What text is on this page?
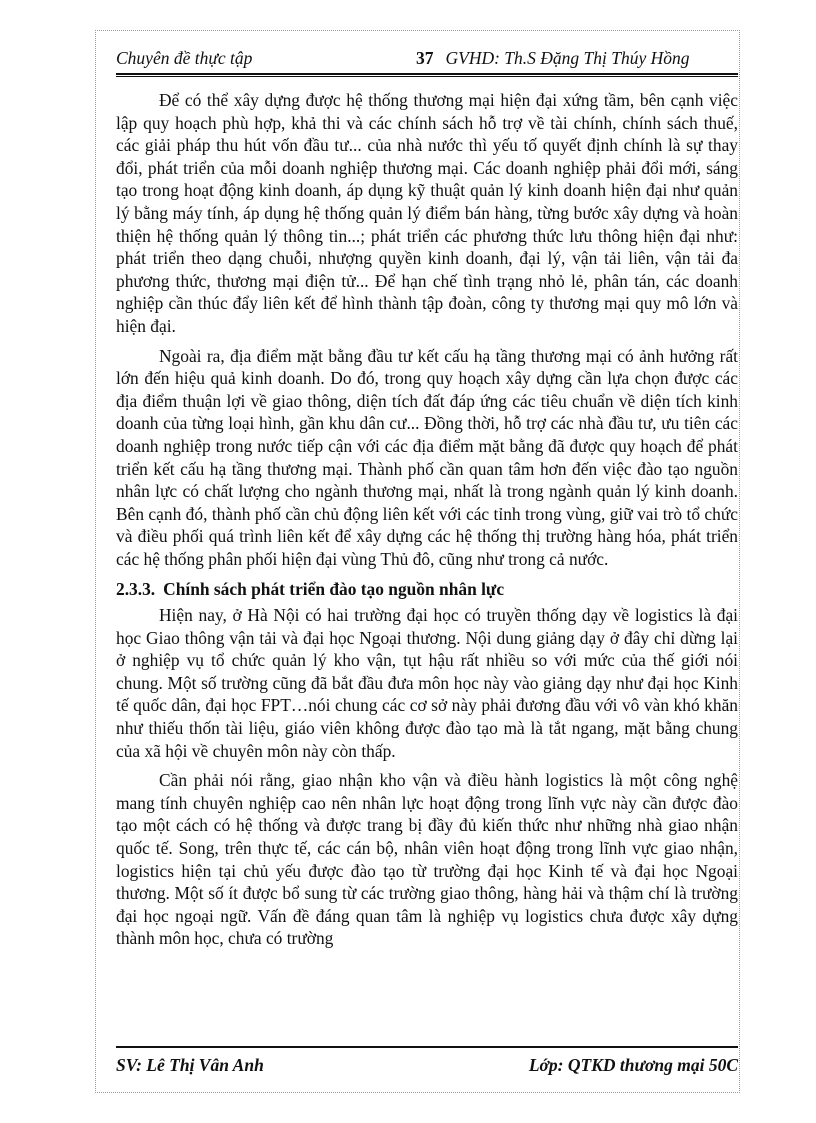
Chuyên đề thực tập	37 GVHD: Th.S Đặng Thị Thúy Hồng

Để có thể xây dựng được hệ thống thương mại hiện đại xứng tầm, bên cạnh việc lập quy hoạch phù hợp, khả thi và các chính sách hỗ trợ về tài chính, chính sách thuế, các giải pháp thu hút vốn đầu tư... của nhà nước thì yếu tố quyết định chính là sự thay đổi, phát triển của mỗi doanh nghiệp thương mại. Các doanh nghiệp phải đổi mới, sáng tạo trong hoạt động kinh doanh, áp dụng kỹ thuật quản lý kinh doanh hiện đại như quản lý bằng máy tính, áp dụng hệ thống quản lý điểm bán hàng, từng bước xây dựng và hoàn thiện hệ thống quản lý thông tin...; phát triển các phương thức lưu thông hiện đại như: phát triển theo dạng chuỗi, nhượng quyền kinh doanh, đại lý, vận tải liên, vận tải đa phương thức, thương mại điện tử... Để hạn chế tình trạng nhỏ lẻ, phân tán, các doanh nghiệp cần thúc đẩy liên kết để hình thành tập đoàn, công ty thương mại quy mô lớn và hiện đại.

Ngoài ra, địa điểm mặt bằng đầu tư kết cấu hạ tầng thương mại có ảnh hưởng rất lớn đến hiệu quả kinh doanh. Do đó, trong quy hoạch xây dựng cần lựa chọn được các địa điểm thuận lợi về giao thông, diện tích đất đáp ứng các tiêu chuẩn về diện tích kinh doanh của từng loại hình, gần khu dân cư... Đồng thời, hỗ trợ các nhà đầu tư, ưu tiên các doanh nghiệp trong nước tiếp cận với các địa điểm mặt bằng đã được quy hoạch để phát triển kết cấu hạ tầng thương mại. Thành phố cần quan tâm hơn đến việc đào tạo nguồn nhân lực có chất lượng cho ngành thương mại, nhất là trong ngành quản lý kinh doanh. Bên cạnh đó, thành phố cần chủ động liên kết với các tỉnh trong vùng, giữ vai trò tổ chức và điều phối quá trình liên kết để xây dựng các hệ thống thị trường hàng hóa, phát triển các hệ thống phân phối hiện đại vùng Thủ đô, cũng như trong cả nước.

2.3.3. Chính sách phát triển đào tạo nguồn nhân lực

Hiện nay, ở Hà Nội có hai trường đại học có truyền thống dạy về logistics là đại học Giao thông vận tải và đại học Ngoại thương. Nội dung giảng dạy ở đây chỉ dừng lại ở nghiệp vụ tổ chức quản lý kho vận, tụt hậu rất nhiều so với mức của thế giới nói chung. Một số trường cũng đã bắt đầu đưa môn học này vào giảng dạy như đại học Kinh tế quốc dân, đại học FPT…nói chung các cơ sở này phải đương đầu với vô vàn khó khăn như thiếu thốn tài liệu, giáo viên không được đào tạo mà là tắt ngang, mặt bằng chung của xã hội về chuyên môn này còn thấp.

Cần phải nói rằng, giao nhận kho vận và điều hành logistics là một công nghệ mang tính chuyên nghiệp cao nên nhân lực hoạt động trong lĩnh vực này cần được đào tạo một cách có hệ thống và được trang bị đầy đủ kiến thức như những nhà giao nhận quốc tế. Song, trên thực tế, các cán bộ, nhân viên hoạt động trong lĩnh vực giao nhận, logistics hiện tại chủ yếu được đào tạo từ trường đại học Kinh tế và đại học Ngoại thương. Một số ít được bổ sung từ các trường giao thông, hàng hải và thậm chí là trường đại học ngoại ngữ. Vấn đề đáng quan tâm là nghiệp vụ logistics chưa được xây dựng thành môn học, chưa có trường

SV: Lê Thị Vân Anh	Lớp: QTKD thương mại 50C
